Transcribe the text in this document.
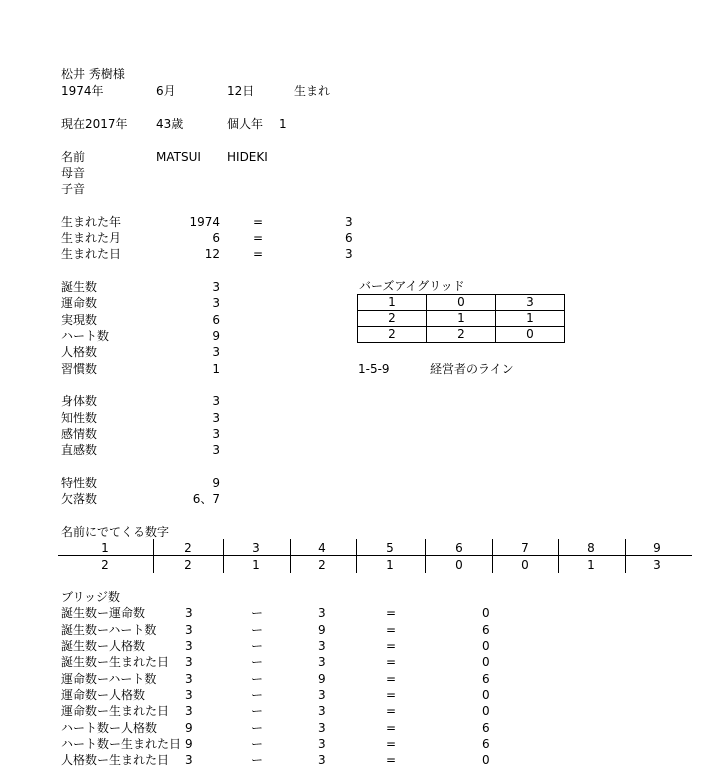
松井 秀樹様
1974年	6月	12日	生まれ
現在2017年 43歳	個人年 1
名前	MATSUI HIDEKI
母音
子音
生まれた年	1974	=	3
生まれた月	6	=	6
生まれた日	12	=	3
誕生数	3
運命数	3
実現数	6
ハート数	9
人格数	3
習慣数	1
バーズアイグリッド
1	0	3
2	1	1
2	2	0
1-5-9	経営者のライン
身体数	3
知性数	3
感情数	3
直感数	3
特性数	9
欠落数	6、7
名前にでてくる数字
1	2	3	4	5	6	7	8	9
2	2	1	2	1	0	0	1	3
ブリッジ数
誕生数ー運命数	3	ー	3	=	0
誕生数ーハート数 3	ー	9	=	6
誕生数ー人格数	3	ー	3	=	0
誕生数ー生まれた日 3	ー	3	=	0
運命数ーハート数 3	ー	9	=	6
運命数ー人格数	3	ー	3	=	0
運命数ー生まれた日 3	ー	3	=	0
ハート数ー人格数 9	ー	3	=	6
ハート数ー生まれた日 9	ー	3	=	6
人格数ー生まれた日 3	ー	3	=	0
